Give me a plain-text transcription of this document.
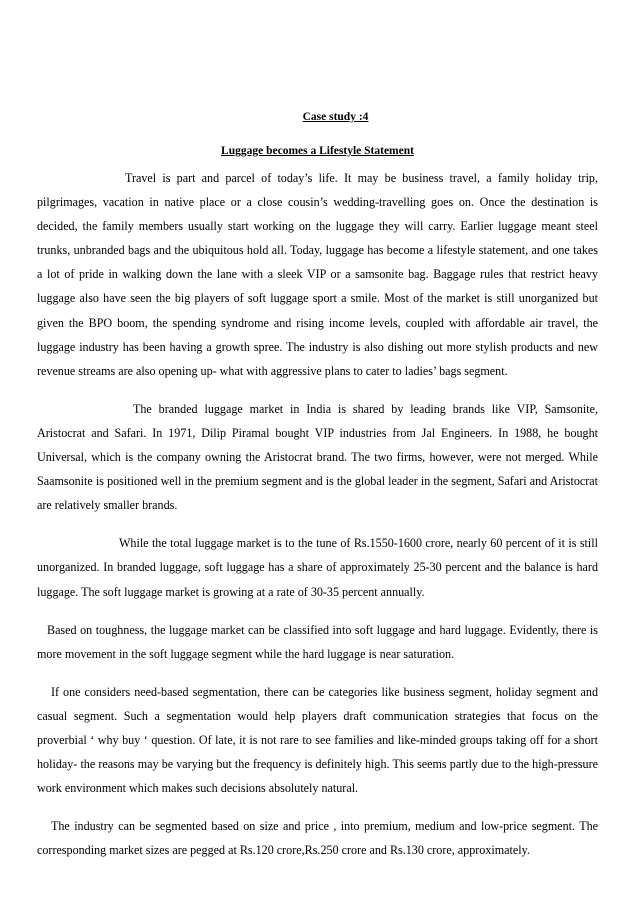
Case study :4

Luggage becomes a Lifestyle Statement

Travel is part and parcel of today’s life. It may be business travel, a family holiday trip, pilgrimages, vacation in native place or a close cousin’s wedding-travelling goes on. Once the destination is decided, the family members usually start working on the luggage they will carry. Earlier luggage meant steel trunks, unbranded bags and the ubiquitous hold all. Today, luggage has become a lifestyle statement, and one takes a lot of pride in walking down the lane with a sleek VIP or a samsonite bag. Baggage rules that restrict heavy luggage also have seen the big players of soft luggage sport a smile. Most of the market is still unorganized but given the BPO boom, the spending syndrome and rising income levels, coupled with affordable air travel, the luggage industry has been having a growth spree. The industry is also dishing out more stylish products and new revenue streams are also opening up- what with aggressive plans to cater to ladies’ bags segment.

The branded luggage market in India is shared by leading brands like VIP, Samsonite, Aristocrat and Safari. In 1971, Dilip Piramal bought VIP industries from Jal Engineers. In 1988, he bought Universal, which is the company owning the Aristocrat brand. The two firms, however, were not merged. While Saamsonite is positioned well in the premium segment and is the global leader in the segment, Safari and Aristocrat are relatively smaller brands.

While the total luggage market is to the tune of Rs.1550-1600 crore, nearly 60 percent of it is still unorganized. In branded luggage, soft luggage has a share of approximately 25-30 percent and the balance is hard luggage. The soft luggage market is growing at a rate of 30-35 percent annually.

Based on toughness, the luggage market can be classified into soft luggage and hard luggage. Evidently, there is more movement in the soft luggage segment while the hard luggage is near saturation.

If one considers need-based segmentation, there can be categories like business segment, holiday segment and casual segment. Such a segmentation would help players draft communication strategies that focus on the proverbial ‘ why buy ‘ question. Of late, it is not rare to see families and like-minded groups taking off for a short holiday- the reasons may be varying but the frequency is definitely high. This seems partly due to the high-pressure work environment which makes such decisions absolutely natural.

The industry can be segmented based on size and price , into premium, medium and low-price segment. The corresponding market sizes are pegged at Rs.120 crore,Rs.250 crore and Rs.130 crore, approximately.
